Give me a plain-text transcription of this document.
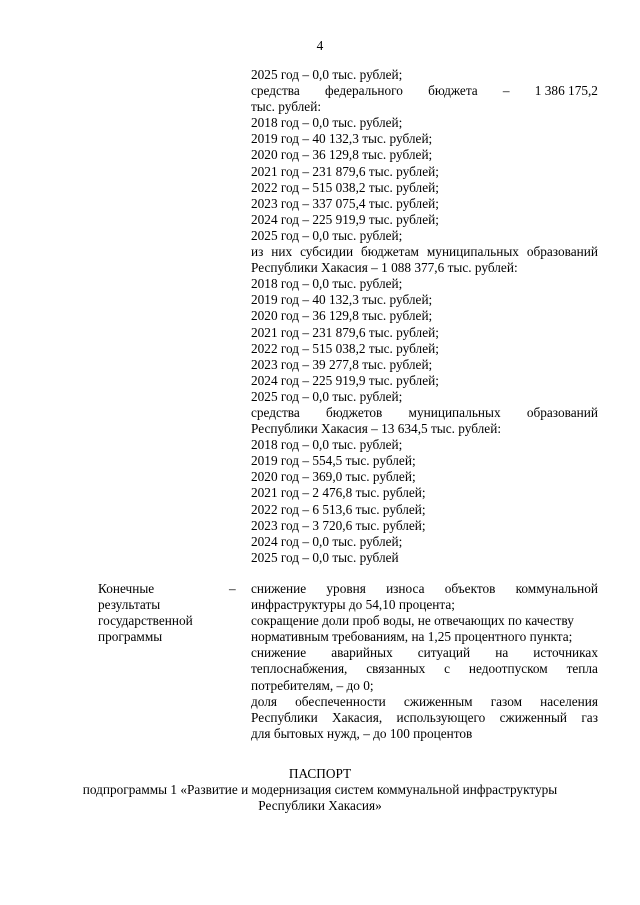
4
2025 год – 0,0 тыс. рублей;
средства федерального бюджета – 1 386 175,2
тыс. рублей:
2018 год – 0,0 тыс. рублей;
2019 год – 40 132,3 тыс. рублей;
2020 год – 36 129,8 тыс. рублей;
2021 год – 231 879,6 тыс. рублей;
2022 год – 515 038,2 тыс. рублей;
2023 год – 337 075,4 тыс. рублей;
2024 год – 225 919,9 тыс. рублей;
2025 год – 0,0 тыс. рублей;
из них субсидии бюджетам муниципальных образований
Республики Хакасия – 1 088 377,6 тыс. рублей:
2018 год – 0,0 тыс. рублей;
2019 год – 40 132,3 тыс. рублей;
2020 год – 36 129,8 тыс. рублей;
2021 год – 231 879,6 тыс. рублей;
2022 год – 515 038,2 тыс. рублей;
2023 год – 39 277,8 тыс. рублей;
2024 год – 225 919,9 тыс. рублей;
2025 год – 0,0 тыс. рублей;
средства бюджетов муниципальных образований
Республики Хакасия – 13 634,5 тыс. рублей:
2018 год – 0,0 тыс. рублей;
2019 год – 554,5 тыс. рублей;
2020 год – 369,0 тыс. рублей;
2021 год – 2 476,8 тыс. рублей;
2022 год – 6 513,6 тыс. рублей;
2023 год – 3 720,6 тыс. рублей;
2024 год – 0,0 тыс. рублей;
2025 год – 0,0 тыс. рублей
Конечные
результаты
государственной
программы
– снижение уровня износа объектов коммунальной
инфраструктуры до 54,10 процента;
сокращение доли проб воды, не отвечающих по качеству
нормативным требованиям, на 1,25 процентного пункта;
снижение аварийных ситуаций на источниках
теплоснабжения, связанных с недоотпуском тепла
потребителям, – до 0;
доля обеспеченности сжиженным газом населения
Республики Хакасия, использующего сжиженный газ
для бытовых нужд, – до 100 процентов
ПАСПОРТ
подпрограммы 1 «Развитие и модернизация систем коммунальной инфраструктуры
Республики Хакасия»
